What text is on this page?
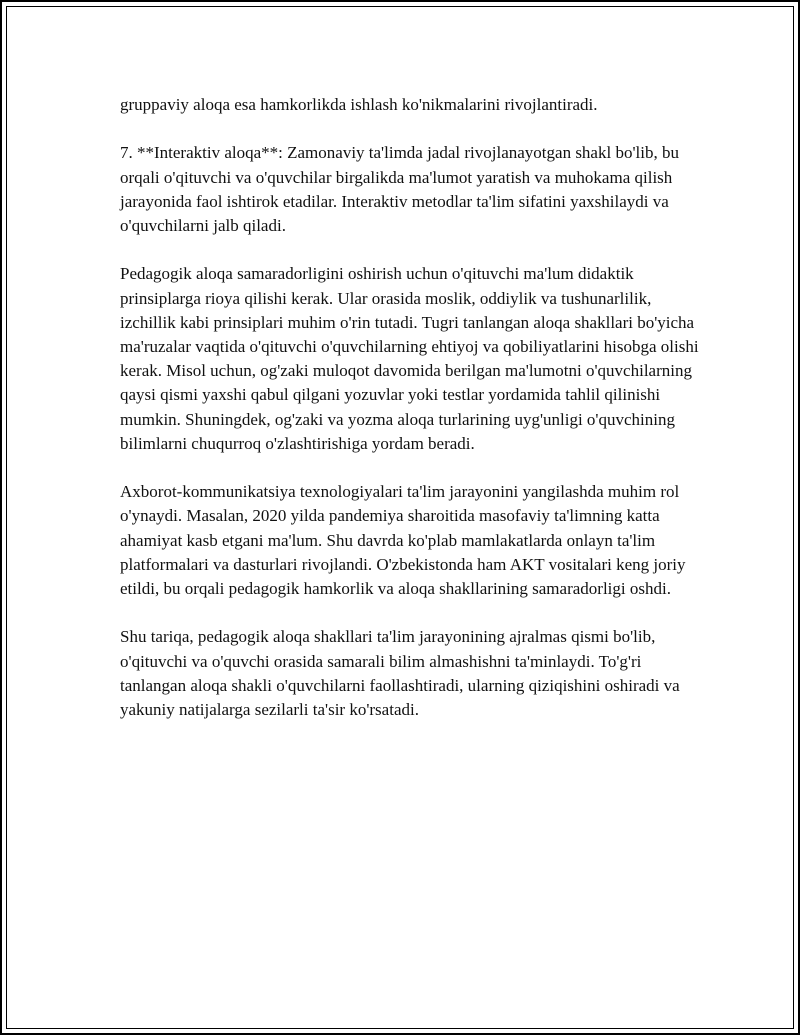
gruppaviy aloqa esa hamkorlikda ishlash ko'nikmalarini rivojlantiradi.

7. **Interaktiv aloqa**: Zamonaviy ta'limda jadal rivojlanayotgan shakl bo'lib, bu orqali o'qituvchi va o'quvchilar birgalikda ma'lumot yaratish va muhokama qilish jarayonida faol ishtirok etadilar. Interaktiv metodlar ta'lim sifatini yaxshilaydi va o'quvchilarni jalb qiladi.

Pedagogik aloqa samaradorligini oshirish uchun o'qituvchi ma'lum didaktik prinsiplarga rioya qilishi kerak. Ular orasida moslik, oddiylik va tushunarlilik, izchillik kabi prinsiplari muhim o'rin tutadi. Tugri tanlangan aloqa shakllari bo'yicha ma'ruzalar vaqtida o'qituvchi o'quvchilarning ehtiyoj va qobiliyatlarini hisobga olishi kerak. Misol uchun, og'zaki muloqot davomida berilgan ma'lumotni o'quvchilarning qaysi qismi yaxshi qabul qilgani yozuvlar yoki testlar yordamida tahlil qilinishi mumkin. Shuningdek, og'zaki va yozma aloqa turlarining uyg'unligi o'quvchining bilimlarni chuqurroq o'zlashtirishiga yordam beradi.

Axborot-kommunikatsiya texnologiyalari ta'lim jarayonini yangilashda muhim rol o'ynaydi. Masalan, 2020 yilda pandemiya sharoitida masofaviy ta'limning katta ahamiyat kasb etgani ma'lum. Shu davrda ko'plab mamlakatlarda onlayn ta'lim platformalari va dasturlari rivojlandi. O'zbekistonda ham AKT vositalari keng joriy etildi, bu orqali pedagogik hamkorlik va aloqa shakllarining samaradorligi oshdi.

Shu tariqa, pedagogik aloqa shakllari ta'lim jarayonining ajralmas qismi bo'lib, o'qituvchi va o'quvchi orasida samarali bilim almashishni ta'minlaydi. To'g'ri tanlangan aloqa shakli o'quvchilarni faollashtiradi, ularning qiziqishini oshiradi va yakuniy natijalarga sezilarli ta'sir ko'rsatadi.
